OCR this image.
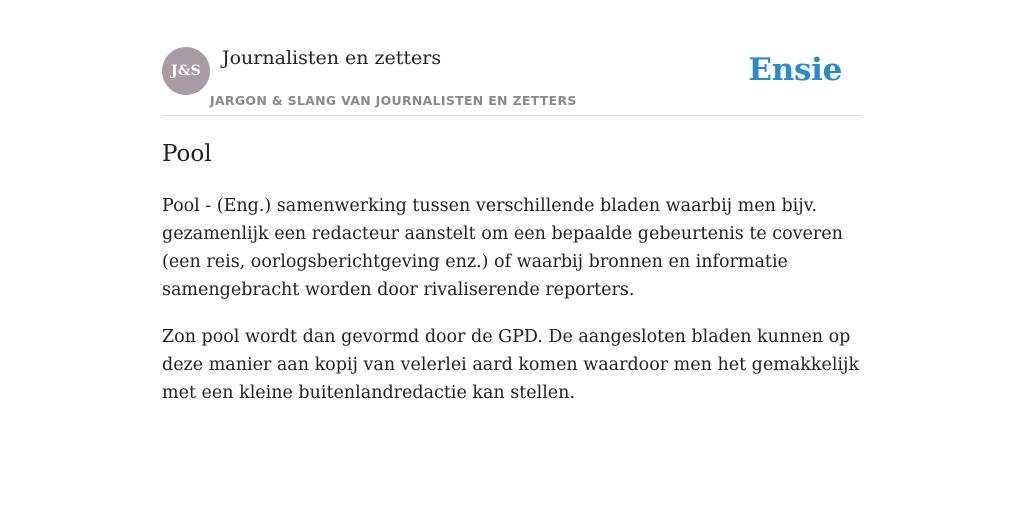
J&S
Journalisten en zetters
JARGON & SLANG VAN JOURNALISTEN EN ZETTERS
Ensie
Pool

Pool - (Eng.) samenwerking tussen verschillende bladen waarbij men bijv. gezamenlijk een redacteur aanstelt om een bepaalde gebeurtenis te coveren (een reis, oorlogsberichtgeving enz.) of waarbij bronnen en informatie samengebracht worden door rivaliserende reporters.

Zon pool wordt dan gevormd door de GPD. De aangesloten bladen kunnen op deze manier aan kopij van velerlei aard komen waardoor men het gemakkelijk met een kleine buitenlandredactie kan stellen.
